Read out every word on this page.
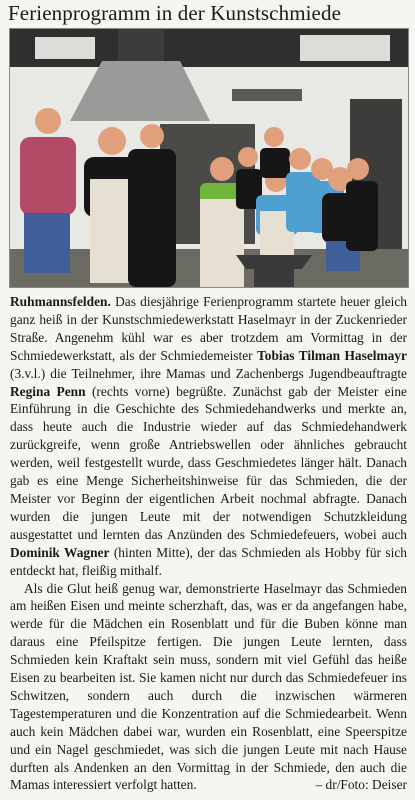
Ferienprogramm in der Kunstschmiede

Ruhmannsfelden. Das diesjährige Ferienprogramm startete heuer gleich ganz heiß in der Kunstschmiedewerkstatt Haselmayr in der Zuckenrieder Straße. Angenehm kühl war es aber trotzdem am Vormittag in der Schmiedewerkstatt, als der Schmiedemeister Tobias Tilman Haselmayr (3.v.l.) die Teilnehmer, ihre Mamas und Zachenbergs Jugendbeauftragte Regina Penn (rechts vorne) begrüßte. Zunächst gab der Meister eine Einführung in die Geschichte des Schmiedehandwerks und merkte an, dass heute auch die Industrie wieder auf das Schmiedehandwerk zurückgreife, wenn große Antriebswellen oder ähnliches gebraucht werden, weil festgestellt wurde, dass Geschmiedetes länger hält. Danach gab es eine Menge Sicherheitshinweise für das Schmieden, die der Meister vor Beginn der eigentlichen Arbeit nochmal abfragte. Danach wurden die jungen Leute mit der notwendigen Schutzkleidung ausgestattet und lernten das Anzünden des Schmiedefeuers, wobei auch Dominik Wagner (hinten Mitte), der das Schmieden als Hobby für sich entdeckt hat, fleißig mithalf.

Als die Glut heiß genug war, demonstrierte Haselmayr das Schmieden am heißen Eisen und meinte scherzhaft, das, was er da angefangen habe, werde für die Mädchen ein Rosenblatt und für die Buben könne man daraus eine Pfeilspitze fertigen. Die jungen Leute lernten, dass Schmieden kein Kraftakt sein muss, sondern mit viel Gefühl das heiße Eisen zu bearbeiten ist. Sie kamen nicht nur durch das Schmiedefeuer ins Schwitzen, sondern auch durch die inzwischen wärmeren Tagestemperaturen und die Konzentration auf die Schmiedearbeit. Wenn auch kein Mädchen dabei war, wurden ein Rosenblatt, eine Speerspitze und ein Nagel geschmiedet, was sich die jungen Leute mit nach Hause durften als Andenken an den Vormittag in der Schmiede, den auch die Mamas interessiert verfolgt hatten.	– dr/Foto: Deiser
